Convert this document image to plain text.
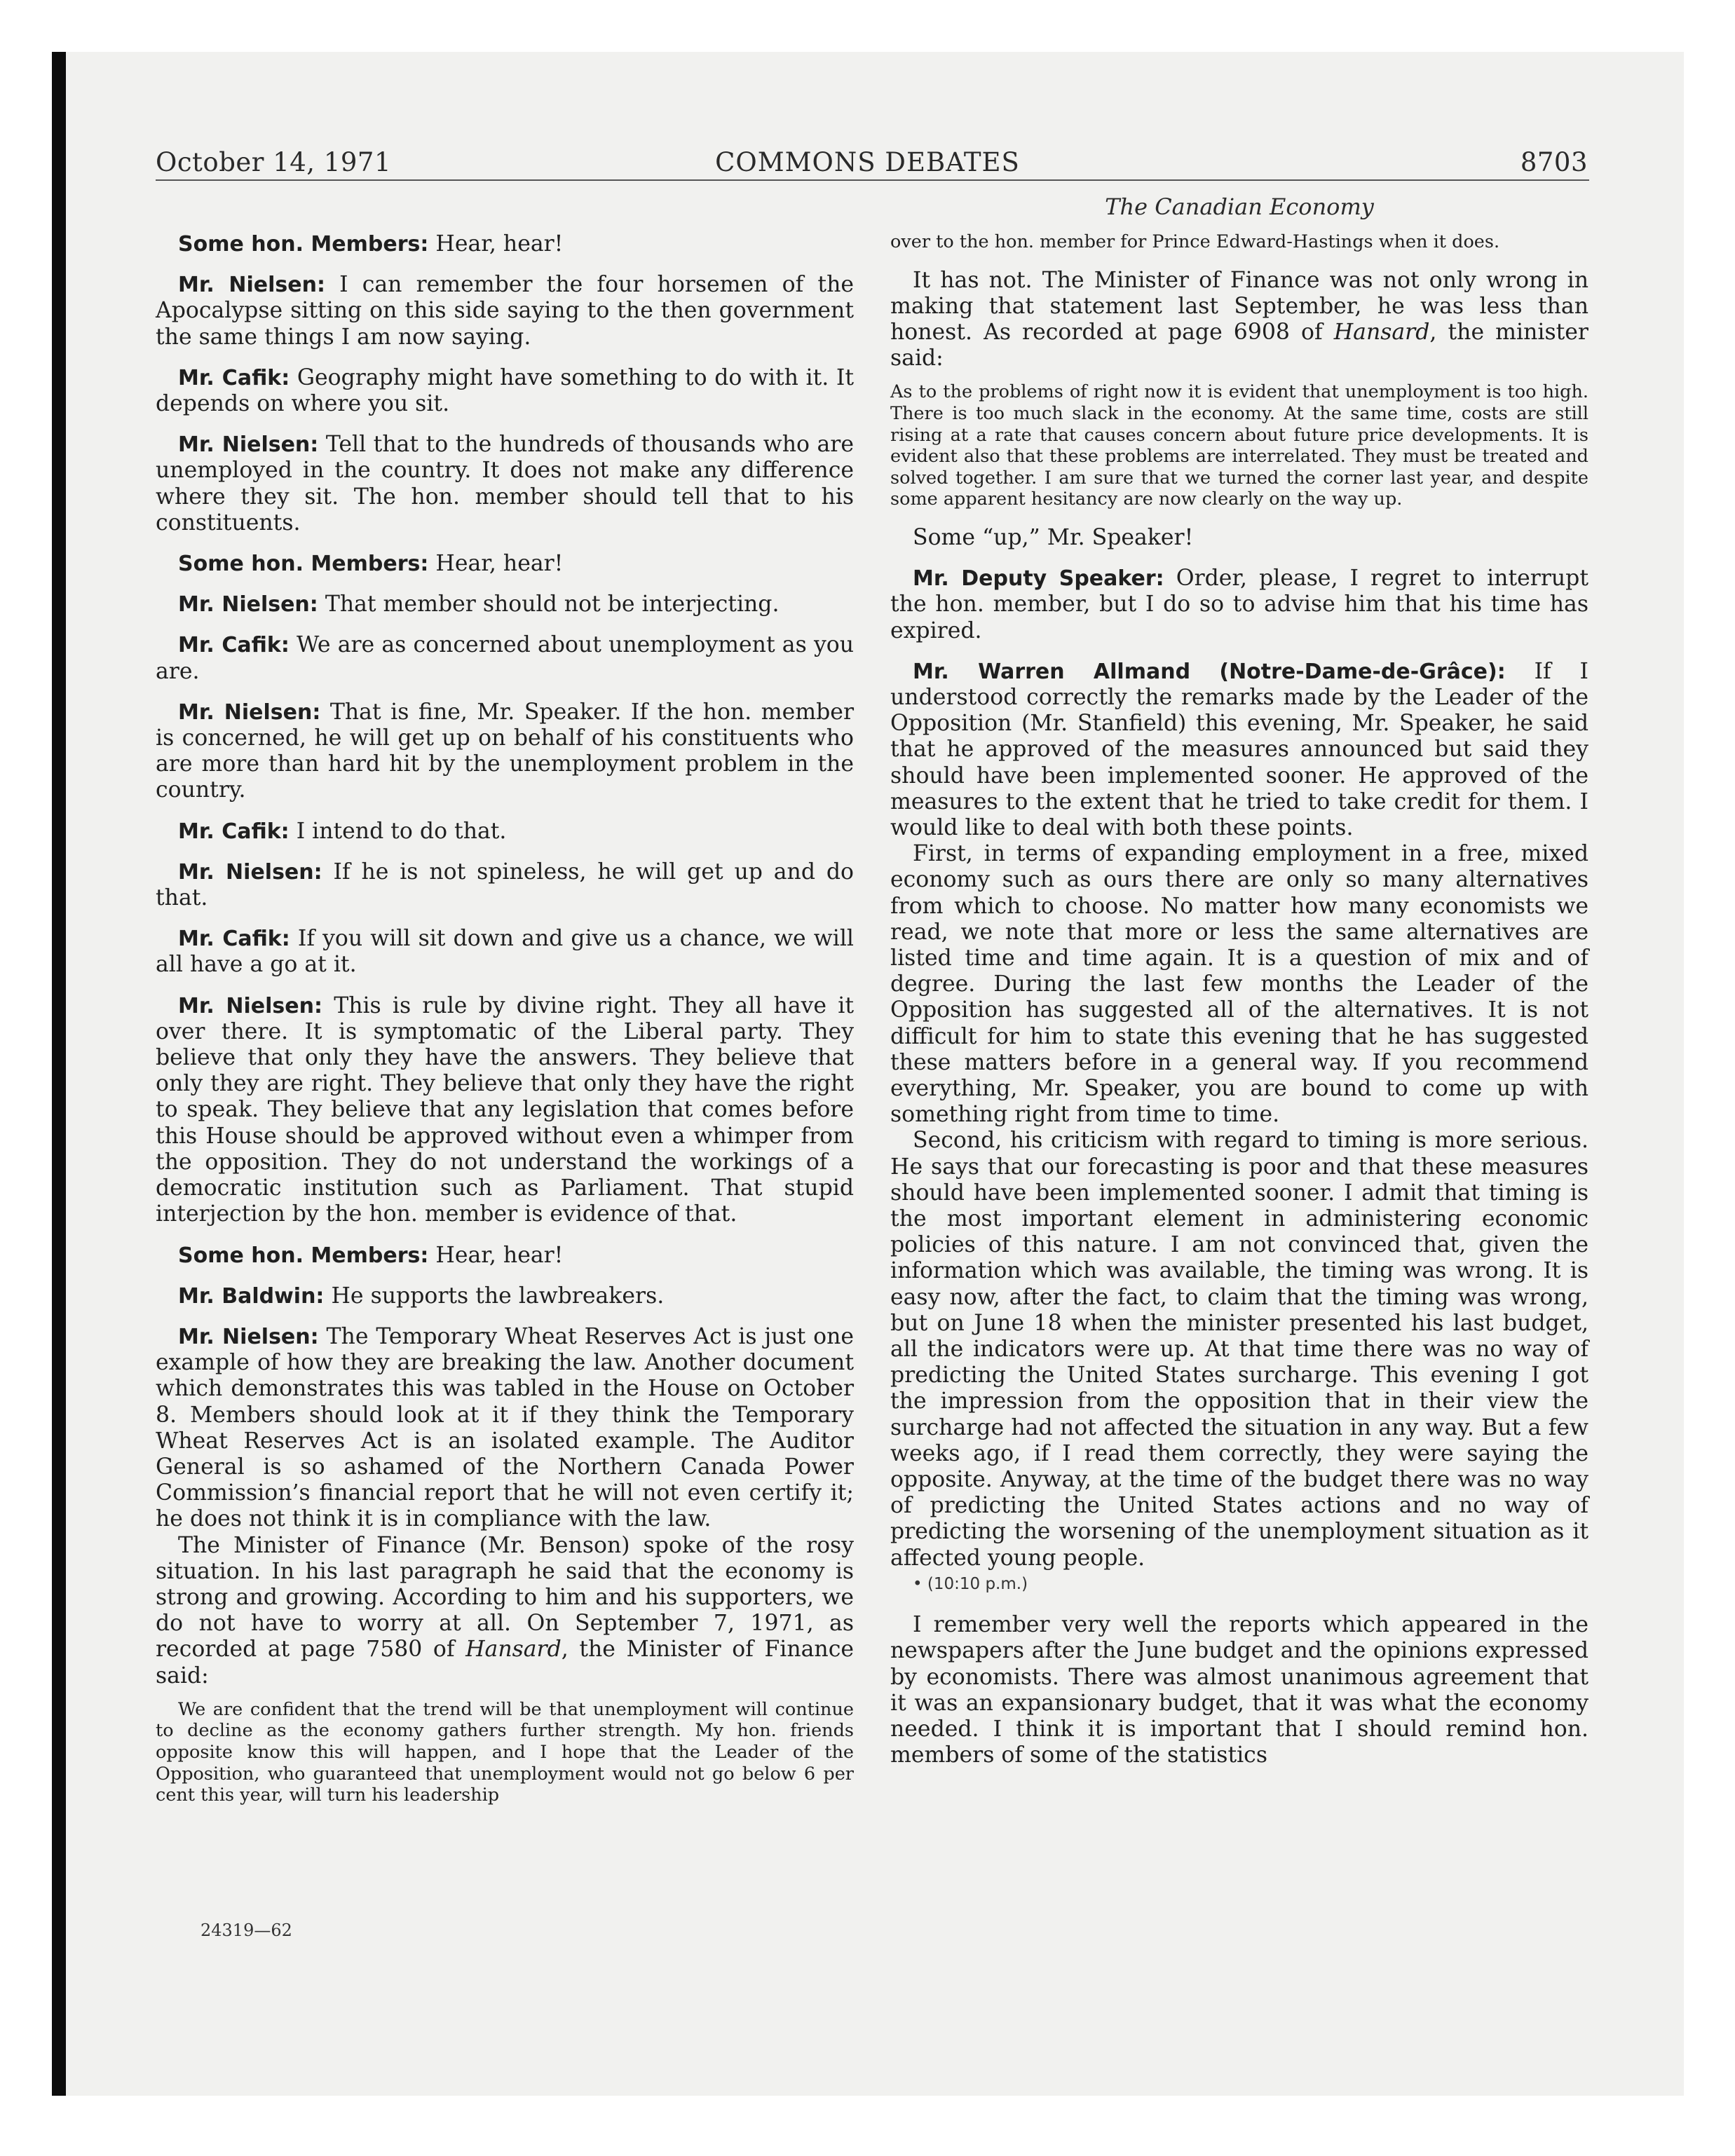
October 14, 1971	COMMONS DEBATES	8703
The Canadian Economy

Some hon. Members: Hear, hear!

Mr. Nielsen: I can remember the four horsemen of the Apocalypse sitting on this side saying to the then government the same things I am now saying.

Mr. Cafik: Geography might have something to do with it. It depends on where you sit.

Mr. Nielsen: Tell that to the hundreds of thousands who are unemployed in the country. It does not make any difference where they sit. The hon. member should tell that to his constituents.

Some hon. Members: Hear, hear!

Mr. Nielsen: That member should not be interjecting.

Mr. Cafik: We are as concerned about unemployment as you are.

Mr. Nielsen: That is fine, Mr. Speaker. If the hon. member is concerned, he will get up on behalf of his constituents who are more than hard hit by the unemployment problem in the country.

Mr. Cafik: I intend to do that.

Mr. Nielsen: If he is not spineless, he will get up and do that.

Mr. Cafik: If you will sit down and give us a chance, we will all have a go at it.

Mr. Nielsen: This is rule by divine right. They all have it over there. It is symptomatic of the Liberal party. They believe that only they have the answers. They believe that only they are right. They believe that only they have the right to speak. They believe that any legislation that comes before this House should be approved without even a whimper from the opposition. They do not understand the workings of a democratic institution such as Parliament. That stupid interjection by the hon. member is evidence of that.

Some hon. Members: Hear, hear!

Mr. Baldwin: He supports the lawbreakers.

Mr. Nielsen: The Temporary Wheat Reserves Act is just one example of how they are breaking the law. Another document which demonstrates this was tabled in the House on October 8. Members should look at it if they think the Temporary Wheat Reserves Act is an isolated example. The Auditor General is so ashamed of the Northern Canada Power Commission’s financial report that he will not even certify it; he does not think it is in compliance with the law.

The Minister of Finance (Mr. Benson) spoke of the rosy situation. In his last paragraph he said that the economy is strong and growing. According to him and his supporters, we do not have to worry at all. On September 7, 1971, as recorded at page 7580 of Hansard, the Minister of Finance said:

We are confident that the trend will be that unemployment will continue to decline as the economy gathers further strength. My hon. friends opposite know this will happen, and I hope that the Leader of the Opposition, who guaranteed that unemployment would not go below 6 per cent this year, will turn his leadership

over to the hon. member for Prince Edward-Hastings when it does.

It has not. The Minister of Finance was not only wrong in making that statement last September, he was less than honest. As recorded at page 6908 of Hansard, the minister said:

As to the problems of right now it is evident that unemployment is too high. There is too much slack in the economy. At the same time, costs are still rising at a rate that causes concern about future price developments. It is evident also that these problems are interrelated. They must be treated and solved together. I am sure that we turned the corner last year, and despite some apparent hesitancy are now clearly on the way up.

Some “up,” Mr. Speaker!

Mr. Deputy Speaker: Order, please, I regret to interrupt the hon. member, but I do so to advise him that his time has expired.

Mr. Warren Allmand (Notre-Dame-de-Grâce): If I understood correctly the remarks made by the Leader of the Opposition (Mr. Stanfield) this evening, Mr. Speaker, he said that he approved of the measures announced but said they should have been implemented sooner. He approved of the measures to the extent that he tried to take credit for them. I would like to deal with both these points.

First, in terms of expanding employment in a free, mixed economy such as ours there are only so many alternatives from which to choose. No matter how many economists we read, we note that more or less the same alternatives are listed time and time again. It is a question of mix and of degree. During the last few months the Leader of the Opposition has suggested all of the alternatives. It is not difficult for him to state this evening that he has suggested these matters before in a general way. If you recommend everything, Mr. Speaker, you are bound to come up with something right from time to time.

Second, his criticism with regard to timing is more serious. He says that our forecasting is poor and that these measures should have been implemented sooner. I admit that timing is the most important element in administering economic policies of this nature. I am not convinced that, given the information which was available, the timing was wrong. It is easy now, after the fact, to claim that the timing was wrong, but on June 18 when the minister presented his last budget, all the indicators were up. At that time there was no way of predicting the United States surcharge. This evening I got the impression from the opposition that in their view the surcharge had not affected the situation in any way. But a few weeks ago, if I read them correctly, they were saying the opposite. Anyway, at the time of the budget there was no way of predicting the United States actions and no way of predicting the worsening of the unemployment situation as it affected young people.

• (10:10 p.m.)

I remember very well the reports which appeared in the newspapers after the June budget and the opinions expressed by economists. There was almost unanimous agreement that it was an expansionary budget, that it was what the economy needed. I think it is important that I should remind hon. members of some of the statistics

24319—62
